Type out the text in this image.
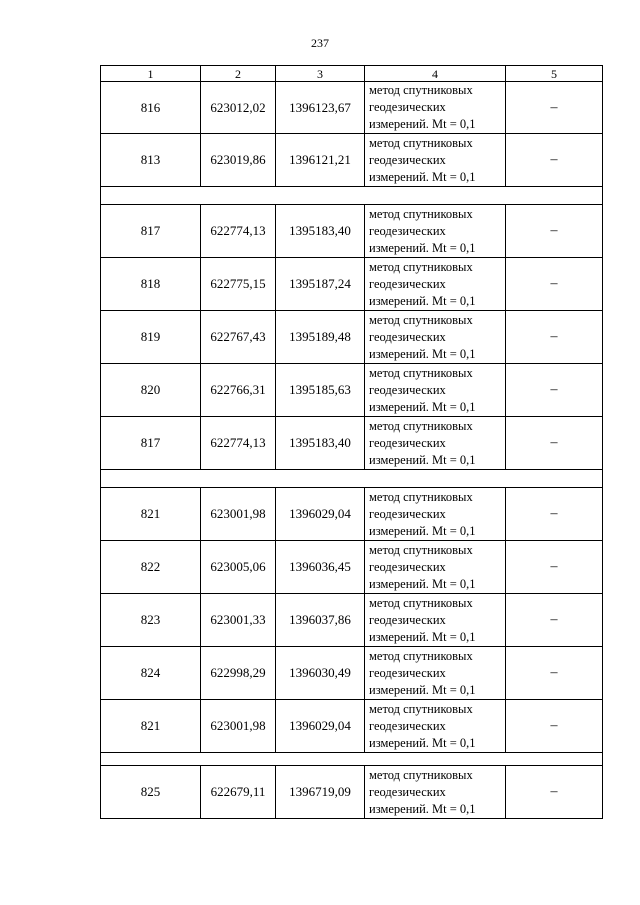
237
1	2	3	4	5
816	623012,02	1396123,67	метод спутниковых
геодезических
измерений. Mt = 0,1	–
813	623019,86	1396121,21	метод спутниковых
геодезических
измерений. Mt = 0,1	–

817	622774,13	1395183,40	метод спутниковых
геодезических
измерений. Mt = 0,1	–
818	622775,15	1395187,24	метод спутниковых
геодезических
измерений. Mt = 0,1	–
819	622767,43	1395189,48	метод спутниковых
геодезических
измерений. Mt = 0,1	–
820	622766,31	1395185,63	метод спутниковых
геодезических
измерений. Mt = 0,1	–
817	622774,13	1395183,40	метод спутниковых
геодезических
измерений. Mt = 0,1	–

821	623001,98	1396029,04	метод спутниковых
геодезических
измерений. Mt = 0,1	–
822	623005,06	1396036,45	метод спутниковых
геодезических
измерений. Mt = 0,1	–
823	623001,33	1396037,86	метод спутниковых
геодезических
измерений. Mt = 0,1	–
824	622998,29	1396030,49	метод спутниковых
геодезических
измерений. Mt = 0,1	–
821	623001,98	1396029,04	метод спутниковых
геодезических
измерений. Mt = 0,1	–

825	622679,11	1396719,09	метод спутниковых
геодезических
измерений. Mt = 0,1	–
